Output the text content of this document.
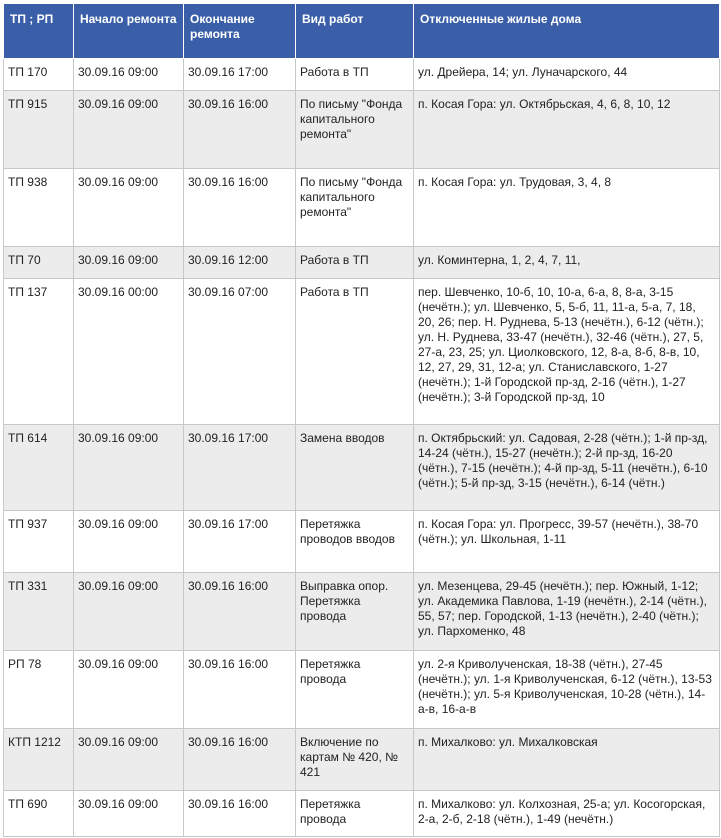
ТП ; РП	Начало ремонта	Окончание ремонта	Вид работ	Отключенные жилые дома
ТП 170	30.09.16 09:00	30.09.16 17:00	Работа в ТП	ул. Дрейера, 14; ул. Луначарского, 44
ТП 915	30.09.16 09:00	30.09.16 16:00	По письму "Фонда капитального ремонта"	п. Косая Гора: ул. Октябрьская, 4, 6, 8, 10, 12
ТП 938	30.09.16 09:00	30.09.16 16:00	По письму "Фонда капитального ремонта"	п. Косая Гора: ул. Трудовая, 3, 4, 8
ТП 70	30.09.16 09:00	30.09.16 12:00	Работа в ТП	ул. Коминтерна, 1, 2, 4, 7, 11,
ТП 137	30.09.16 00:00	30.09.16 07:00	Работа в ТП	пер. Шевченко, 10-б, 10, 10-а, 6-а, 8, 8-а, 3-15 (нечётн.); ул. Шевченко, 5, 5-б, 11, 11-а, 5-а, 7, 18, 20, 26; пер. Н. Руднева, 5-13 (нечётн.), 6-12 (чётн.); ул. Н. Руднева, 33-47 (нечётн.), 32-46 (чётн.), 27, 5, 27-а, 23, 25; ул. Циолковского, 12, 8-а, 8-б, 8-в, 10, 12, 27, 29, 31, 12-а; ул. Станиславского, 1-27 (нечётн.); 1-й Городской пр-зд, 2-16 (чётн.), 1-27 (нечётн.); 3-й Городской пр-зд, 10
ТП 614	30.09.16 09:00	30.09.16 17:00	Замена вводов	п. Октябрьский: ул. Садовая, 2-28 (чётн.); 1-й пр-зд, 14-24 (чётн.), 15-27 (нечётн.); 2-й пр-зд, 16-20 (чётн.), 7-15 (нечётн.); 4-й пр-зд, 5-11 (нечётн.), 6-10 (чётн.); 5-й пр-зд, 3-15 (нечётн.), 6-14 (чётн.)
ТП 937	30.09.16 09:00	30.09.16 17:00	Перетяжка проводов вводов	п. Косая Гора: ул. Прогресс, 39-57 (нечётн.), 38-70 (чётн.); ул. Школьная, 1-11
ТП 331	30.09.16 09:00	30.09.16 16:00	Выправка опор. Перетяжка провода	ул. Мезенцева, 29-45 (нечётн.); пер. Южный, 1-12; ул. Академика Павлова, 1-19 (нечётн.), 2-14 (чётн.), 55, 57; пер. Городской, 1-13 (нечётн.), 2-40 (чётн.); ул. Пархоменко, 48
РП 78	30.09.16 09:00	30.09.16 16:00	Перетяжка провода	ул. 2-я Криволученская, 18-38 (чётн.), 27-45 (нечётн.); ул. 1-я Криволученская, 6-12 (чётн.), 13-53 (нечётн.); ул. 5-я Криволученская, 10-28 (чётн.), 14-а-в, 16-а-в
КТП 1212	30.09.16 09:00	30.09.16 16:00	Включение по картам № 420, № 421	п. Михалково: ул. Михалковская
ТП 690	30.09.16 09:00	30.09.16 16:00	Перетяжка провода	п. Михалково: ул. Колхозная, 25-а; ул. Косогорская, 2-а, 2-б, 2-18 (чётн.), 1-49 (нечётн.)
